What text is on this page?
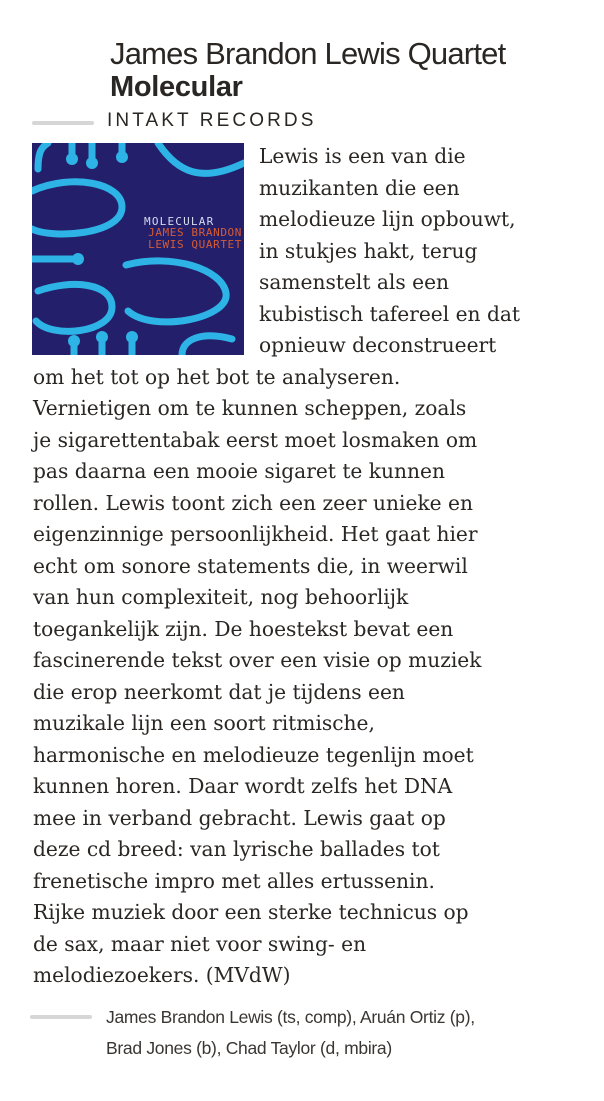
James Brandon Lewis Quartet
Molecular
INTAKT RECORDS
MOLECULAR
JAMES BRANDON LEWIS QUARTET
Lewis is een van die
muzikanten die een
melodieuze lijn opbouwt,
in stukjes hakt, terug
samenstelt als een
kubistisch tafereel en dat
opnieuw deconstrueert
om het tot op het bot te analyseren.
Vernietigen om te kunnen scheppen, zoals
je sigarettentabak eerst moet losmaken om
pas daarna een mooie sigaret te kunnen
rollen. Lewis toont zich een zeer unieke en
eigenzinnige persoonlijkheid. Het gaat hier
echt om sonore statements die, in weerwil
van hun complexiteit, nog behoorlijk
toegankelijk zijn. De hoestekst bevat een
fascinerende tekst over een visie op muziek
die erop neerkomt dat je tijdens een
muzikale lijn een soort ritmische,
harmonische en melodieuze tegenlijn moet
kunnen horen. Daar wordt zelfs het DNA
mee in verband gebracht. Lewis gaat op
deze cd breed: van lyrische ballades tot
frenetische impro met alles ertussenin.
Rijke muziek door een sterke technicus op
de sax, maar niet voor swing- en
melodiezoekers. (MVdW)
James Brandon Lewis (ts, comp), Aruán Ortiz (p),
Brad Jones (b), Chad Taylor (d, mbira)
